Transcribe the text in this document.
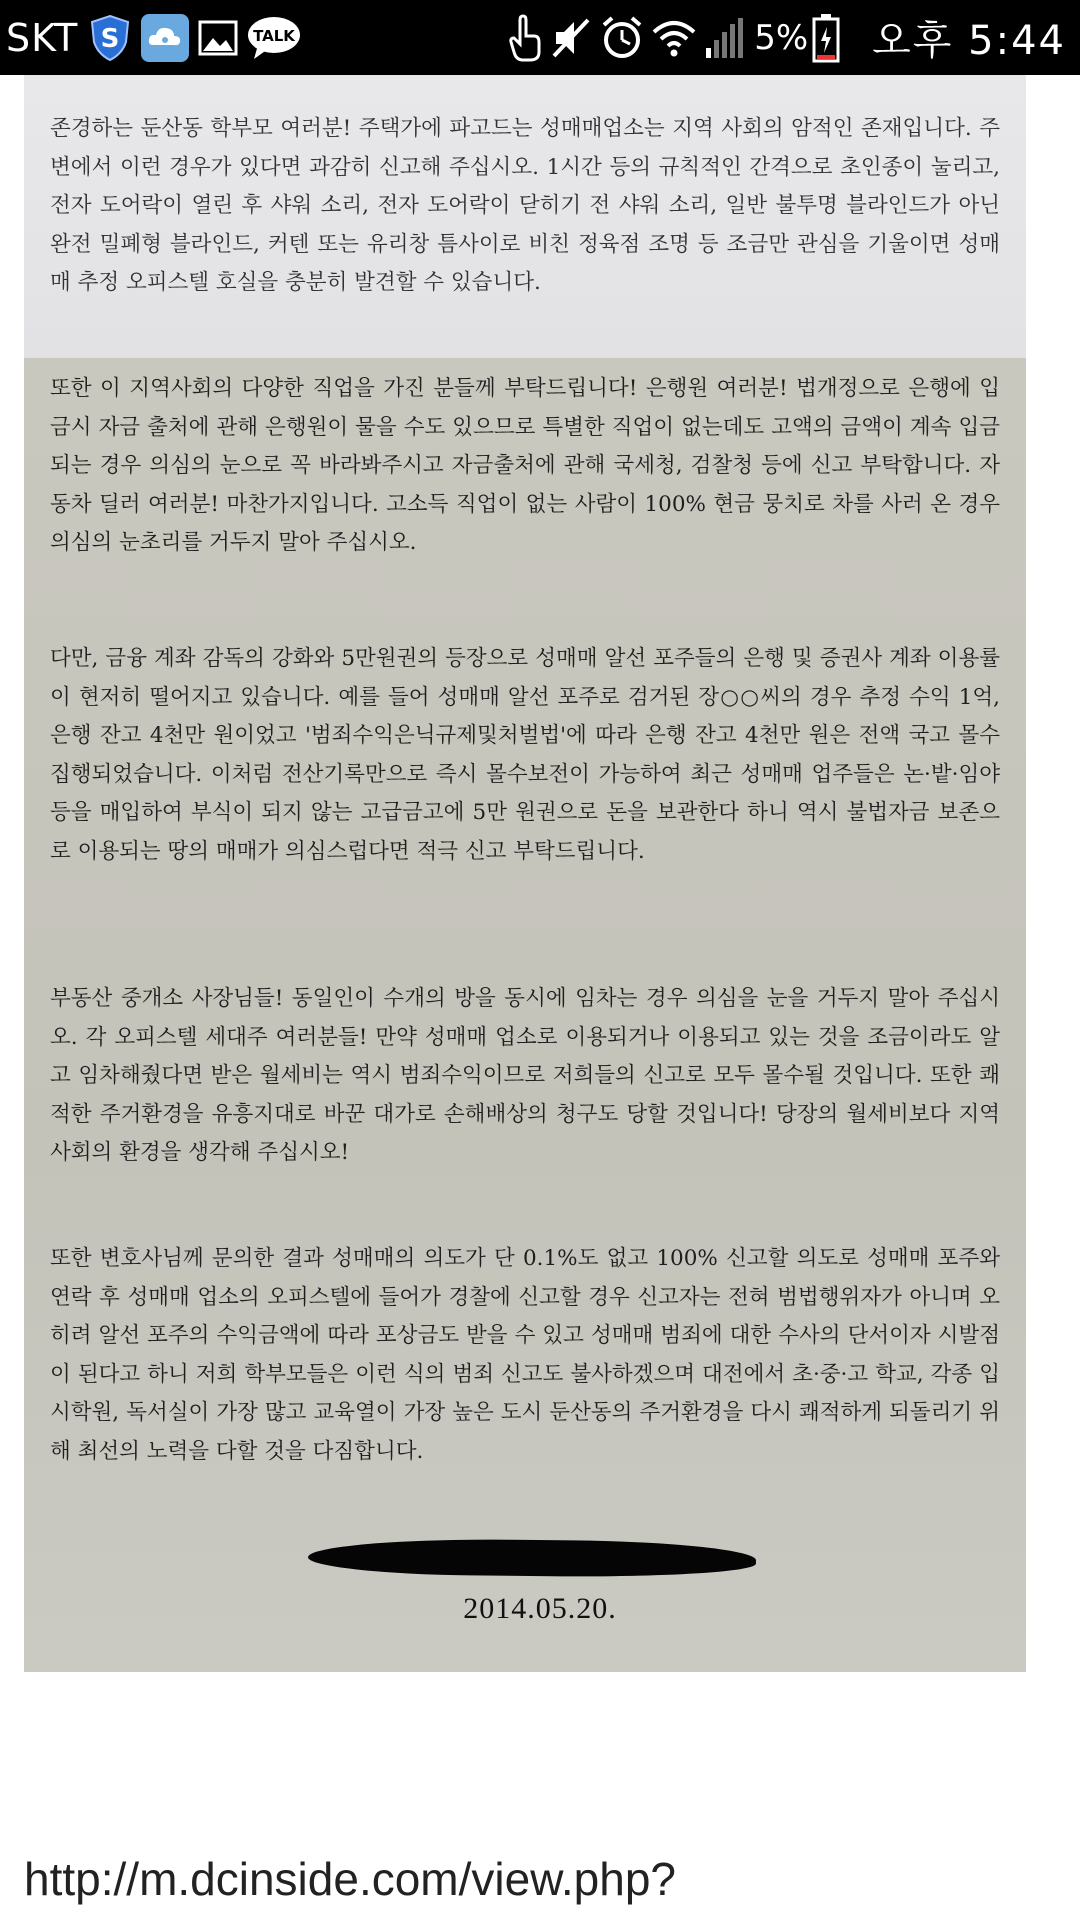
SKT S	TALK	5% 오후 5:44

존경하는 둔산동 학부모 여러분! 주택가에 파고드는 성매매업소는 지역 사회의 암적인 존재입니다. 주변에서 이런 경우가 있다면 과감히 신고해 주십시오. 1시간 등의 규칙적인 간격으로 초인종이 눌리고, 전자 도어락이 열린 후 샤워 소리, 전자 도어락이 닫히기 전 샤워 소리, 일반 불투명 블라인드가 아닌 완전 밀폐형 블라인드, 커텐 또는 유리창 틈사이로 비친 정육점 조명 등 조금만 관심을 기울이면 성매매 추정 오피스텔 호실을 충분히 발견할 수 있습니다.

또한 이 지역사회의 다양한 직업을 가진 분들께 부탁드립니다! 은행원 여러분! 법개정으로 은행에 입금시 자금 출처에 관해 은행원이 물을 수도 있으므로 특별한 직업이 없는데도 고액의 금액이 계속 입금되는 경우 의심의 눈으로 꼭 바라봐주시고 자금출처에 관해 국세청, 검찰청 등에 신고 부탁합니다. 자동차 딜러 여러분! 마찬가지입니다. 고소득 직업이 없는 사람이 100% 현금 뭉치로 차를 사러 온 경우 의심의 눈초리를 거두지 말아 주십시오.

다만, 금융 계좌 감독의 강화와 5만원권의 등장으로 성매매 알선 포주들의 은행 및 증권사 계좌 이용률이 현저히 떨어지고 있습니다. 예를 들어 성매매 알선 포주로 검거된 장○○씨의 경우 추정 수익 1억, 은행 잔고 4천만 원이었고 '범죄수익은닉규제및처벌법'에 따라 은행 잔고 4천만 원은 전액 국고 몰수 집행되었습니다. 이처럼 전산기록만으로 즉시 몰수보전이 가능하여 최근 성매매 업주들은 논·밭·임야 등을 매입하여 부식이 되지 않는 고급금고에 5만 원권으로 돈을 보관한다 하니 역시 불법자금 보존으로 이용되는 땅의 매매가 의심스럽다면 적극 신고 부탁드립니다.

부동산 중개소 사장님들! 동일인이 수개의 방을 동시에 임차는 경우 의심을 눈을 거두지 말아 주십시오. 각 오피스텔 세대주 여러분들! 만약 성매매 업소로 이용되거나 이용되고 있는 것을 조금이라도 알고 임차해줬다면 받은 월세비는 역시 범죄수익이므로 저희들의 신고로 모두 몰수될 것입니다. 또한 쾌적한 주거환경을 유흥지대로 바꾼 대가로 손해배상의 청구도 당할 것입니다! 당장의 월세비보다 지역사회의 환경을 생각해 주십시오!

또한 변호사님께 문의한 결과 성매매의 의도가 단 0.1%도 없고 100% 신고할 의도로 성매매 포주와 연락 후 성매매 업소의 오피스텔에 들어가 경찰에 신고할 경우 신고자는 전혀 범법행위자가 아니며 오히려 알선 포주의 수익금액에 따라 포상금도 받을 수 있고 성매매 범죄에 대한 수사의 단서이자 시발점이 된다고 하니 저희 학부모들은 이런 식의 범죄 신고도 불사하겠으며 대전에서 초·중·고 학교, 각종 입시학원, 독서실이 가장 많고 교육열이 가장 높은 도시 둔산동의 주거환경을 다시 쾌적하게 되돌리기 위해 최선의 노력을 다할 것을 다짐합니다.

2014.05.20.
http://m.dcinside.com/view.php?
